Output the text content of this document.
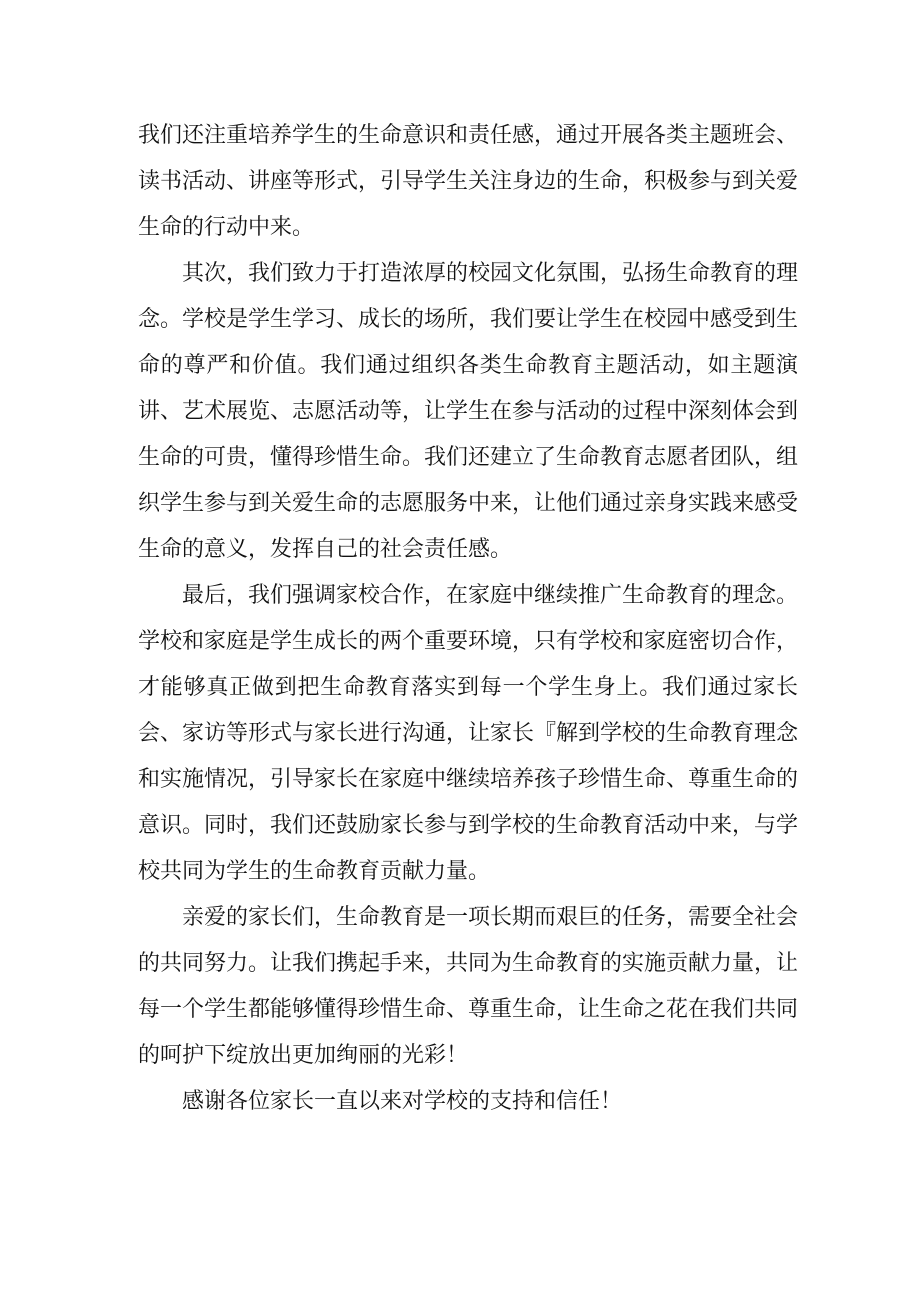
我们还注重培养学生的生命意识和责任感，通过开展各类主题班会、读书活动、讲座等形式，引导学生关注身边的生命，积极参与到关爱生命的行动中来。

其次，我们致力于打造浓厚的校园文化氛围，弘扬生命教育的理念。学校是学生学习、成长的场所，我们要让学生在校园中感受到生命的尊严和价值。我们通过组织各类生命教育主题活动，如主题演讲、艺术展览、志愿活动等，让学生在参与活动的过程中深刻体会到生命的可贵，懂得珍惜生命。我们还建立了生命教育志愿者团队，组织学生参与到关爱生命的志愿服务中来，让他们通过亲身实践来感受生命的意义，发挥自己的社会责任感。

最后，我们强调家校合作，在家庭中继续推广生命教育的理念。学校和家庭是学生成长的两个重要环境，只有学校和家庭密切合作，才能够真正做到把生命教育落实到每一个学生身上。我们通过家长会、家访等形式与家长进行沟通，让家长『解到学校的生命教育理念和实施情况，引导家长在家庭中继续培养孩子珍惜生命、尊重生命的意识。同时，我们还鼓励家长参与到学校的生命教育活动中来，与学校共同为学生的生命教育贡献力量。

亲爱的家长们，生命教育是一项长期而艰巨的任务，需要全社会的共同努力。让我们携起手来，共同为生命教育的实施贡献力量，让每一个学生都能够懂得珍惜生命、尊重生命，让生命之花在我们共同的呵护下绽放出更加绚丽的光彩！

感谢各位家长一直以来对学校的支持和信任！
